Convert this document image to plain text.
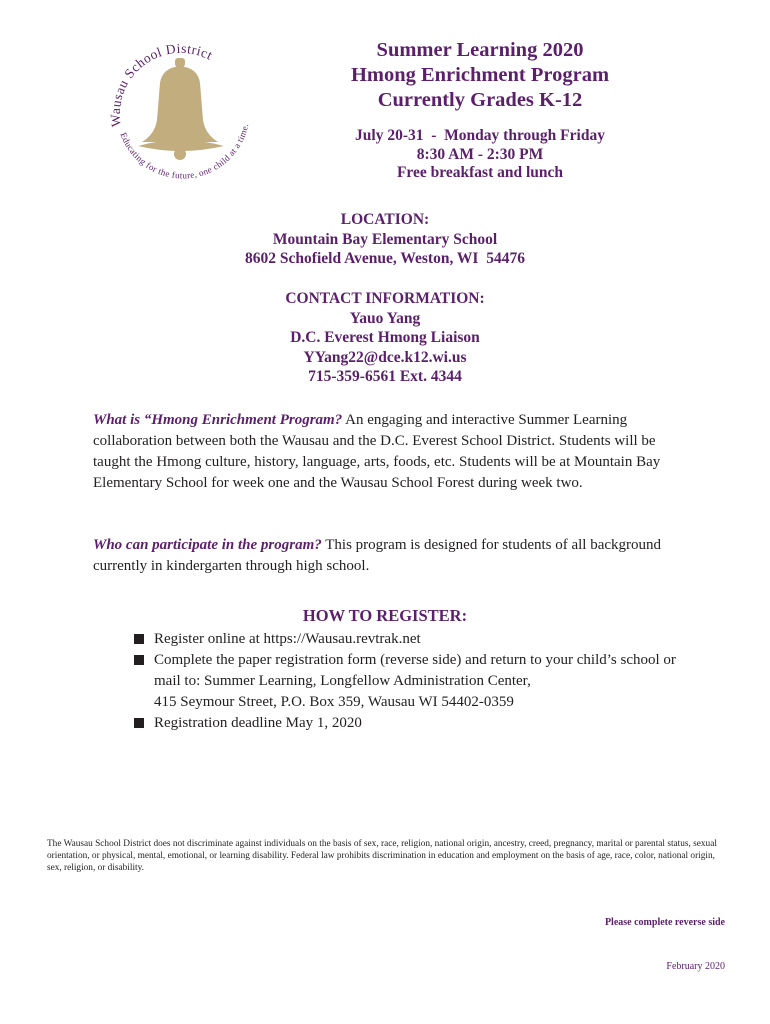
Wausau School District
Educating for the future, one child at a time.
Summer Learning 2020
Hmong Enrichment Program
Currently Grades K-12
July 20-31  -  Monday through Friday
8:30 AM - 2:30 PM
Free breakfast and lunch
LOCATION:
Mountain Bay Elementary School
8602 Schofield Avenue, Weston, WI  54476
CONTACT INFORMATION:
Yauo Yang
D.C. Everest Hmong Liaison
YYang22@dce.k12.wi.us
715-359-6561 Ext. 4344
What is “Hmong Enrichment Program? An engaging and interactive Summer Learning collaboration between both the Wausau and the D.C. Everest School District. Students will be taught the Hmong culture, history, language, arts, foods, etc. Students will be at Mountain Bay Elementary School for week one and the Wausau School Forest during week two.
Who can participate in the program? This program is designed for students of all background currently in kindergarten through high school.
HOW TO REGISTER:
Register online at https://Wausau.revtrak.net
Complete the paper registration form (reverse side) and return to your child’s school or mail to: Summer Learning, Longfellow Administration Center,
415 Seymour Street, P.O. Box 359, Wausau WI 54402-0359
Registration deadline May 1, 2020
The Wausau School District does not discriminate against individuals on the basis of sex, race, religion, national origin, ancestry, creed, pregnancy, marital or parental status, sexual orientation, or physical, mental, emotional, or learning disability. Federal law prohibits discrimination in education and employment on the basis of age, race, color, national origin, sex, religion, or disability.
Please complete reverse side
February 2020
